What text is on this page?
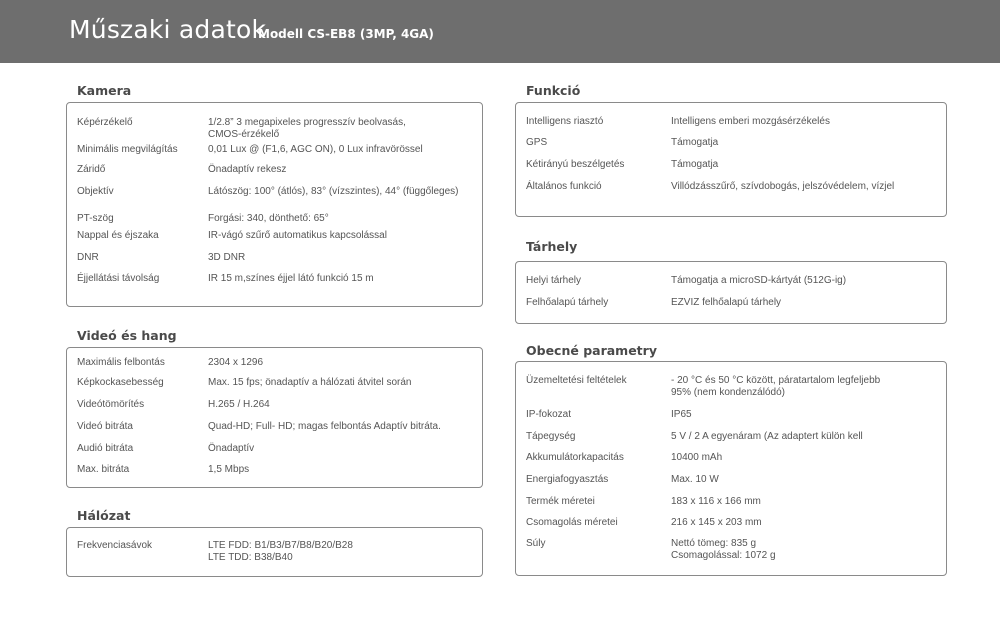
Műszaki adatok
Modell CS-EB8 (3MP, 4GA)
Kamera
Képérzékelő	1/2.8” 3 megapixeles progresszív beolvasás,
CMOS-érzékelő
Minimális megvilágítás	0,01 Lux @ (F1,6, AGC ON), 0 Lux infravörössel
Záridő	Önadaptív rekesz
Objektív	Látószög: 100° (átlós), 83° (vízszintes), 44° (függőleges)
PT-szög	Forgási: 340, dönthető: 65°
Nappal és éjszaka	IR-vágó szűrő automatikus kapcsolással
DNR	3D DNR
Éjjellátási távolság	IR 15 m,színes éjjel látó funkció 15 m
Videó és hang
Maximális felbontás	2304 x 1296
Képkockasebesség	Max. 15 fps; önadaptív a hálózati átvitel során
Videótömörítés	H.265 / H.264
Videó bitráta	Quad-HD; Full- HD; magas felbontás Adaptív bitráta.
Audió bitráta	Önadaptív
Max. bitráta	1,5 Mbps
Hálózat
Frekvenciasávok	LTE FDD: B1/B3/B7/B8/B20/B28
LTE TDD: B38/B40
Funkció
Intelligens riasztó	Intelligens emberi mozgásérzékelés
GPS	Támogatja
Kétirányú beszélgetés	Támogatja
Általános funkció	Villódzásszűrő, szívdobogás, jelszóvédelem, vízjel
Tárhely
Helyi tárhely	Támogatja a microSD-kártyát (512G-ig)
Felhőalapú tárhely	EZVIZ felhőalapú tárhely
Obecné parametry
Üzemeltetési feltételek	- 20 °C és 50 °C között, páratartalom legfeljebb
95% (nem kondenzálódó)
IP-fokozat	IP65
Tápegység	5 V / 2 A egyenáram (Az adaptert külön kell
Akkumulátorkapacitás	10400 mAh
Energiafogyasztás	Max. 10 W
Termék méretei	183 x 116 x 166 mm
Csomagolás méretei	216 x 145 x 203 mm
Súly	Nettó tömeg: 835 g
Csomagolással: 1072 g
